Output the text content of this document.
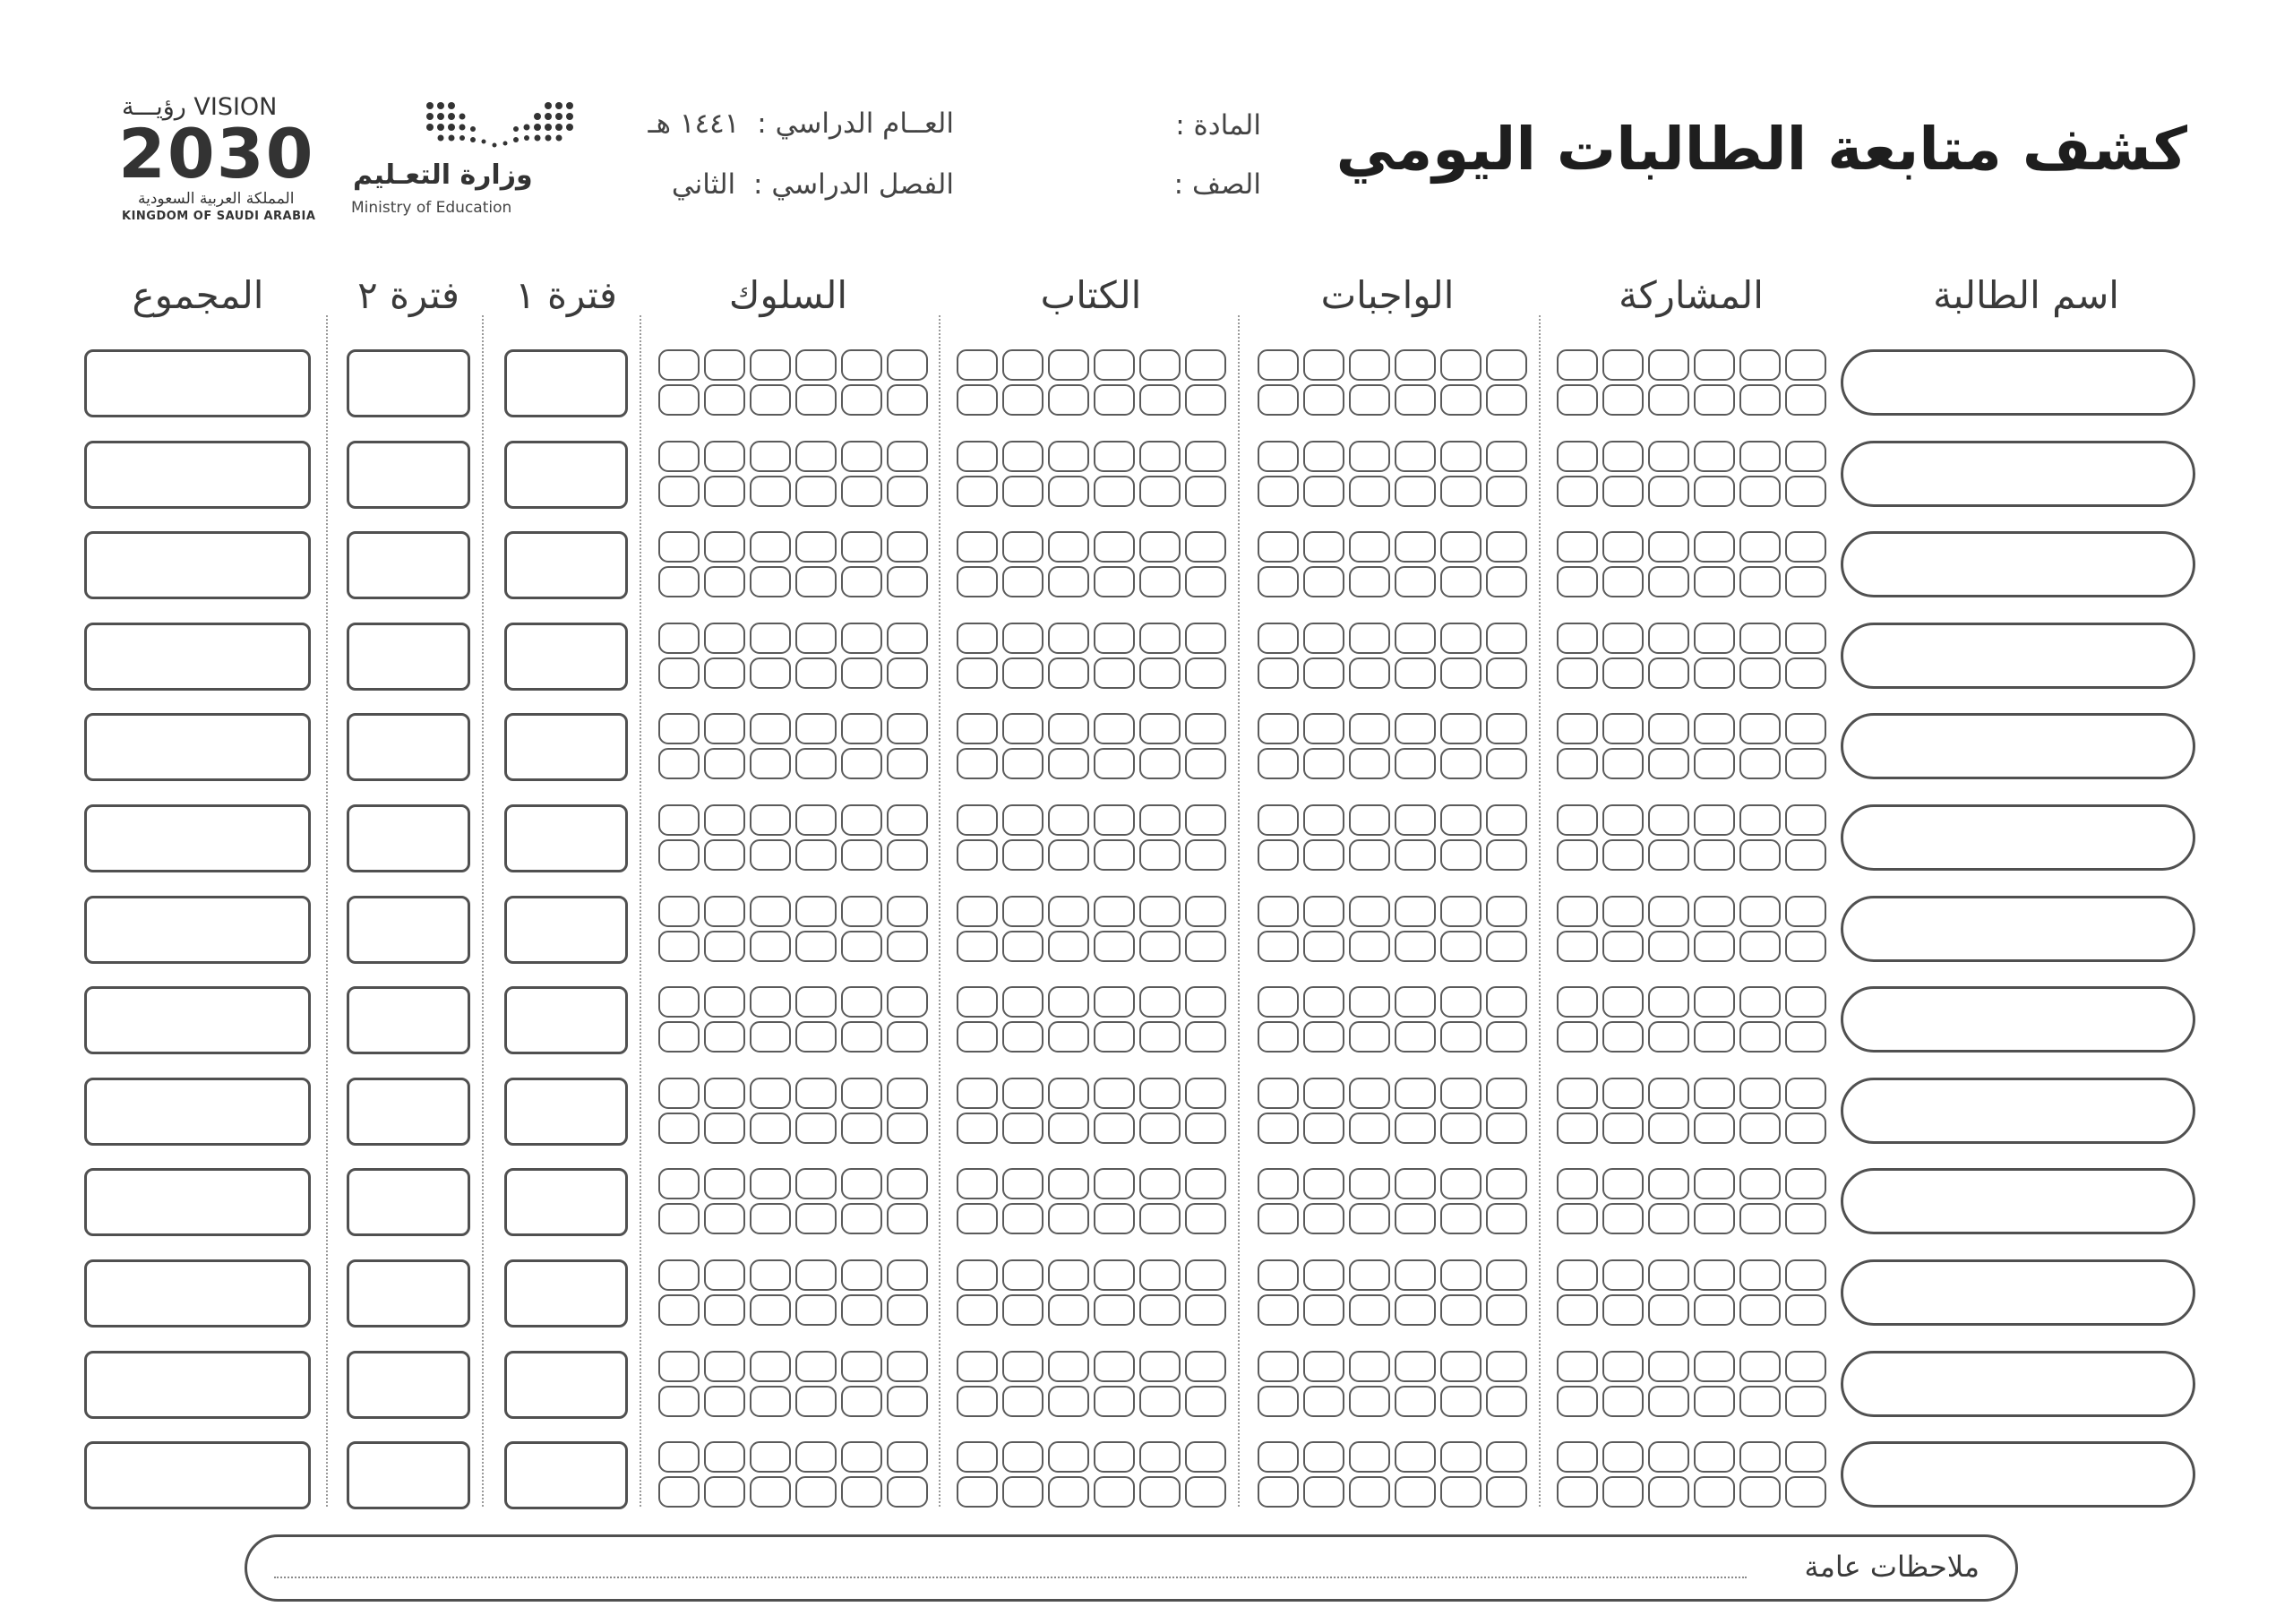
كشف متابعة الطالبات اليومي
المادة :
الصف :
العــام الدراسي : ١٤٤١ هـ
الفصل الدراسي : الثاني
وزارة التعـليم
Ministry of Education
رؤيـــة VISION
2030
المملكة العربية السعودية
KINGDOM OF SAUDI ARABIA
اسم الطالبة
المشاركة
الواجبات
الكتاب
السلوك
فترة ١
فترة ٢
المجموع
ملاحظات عامة
